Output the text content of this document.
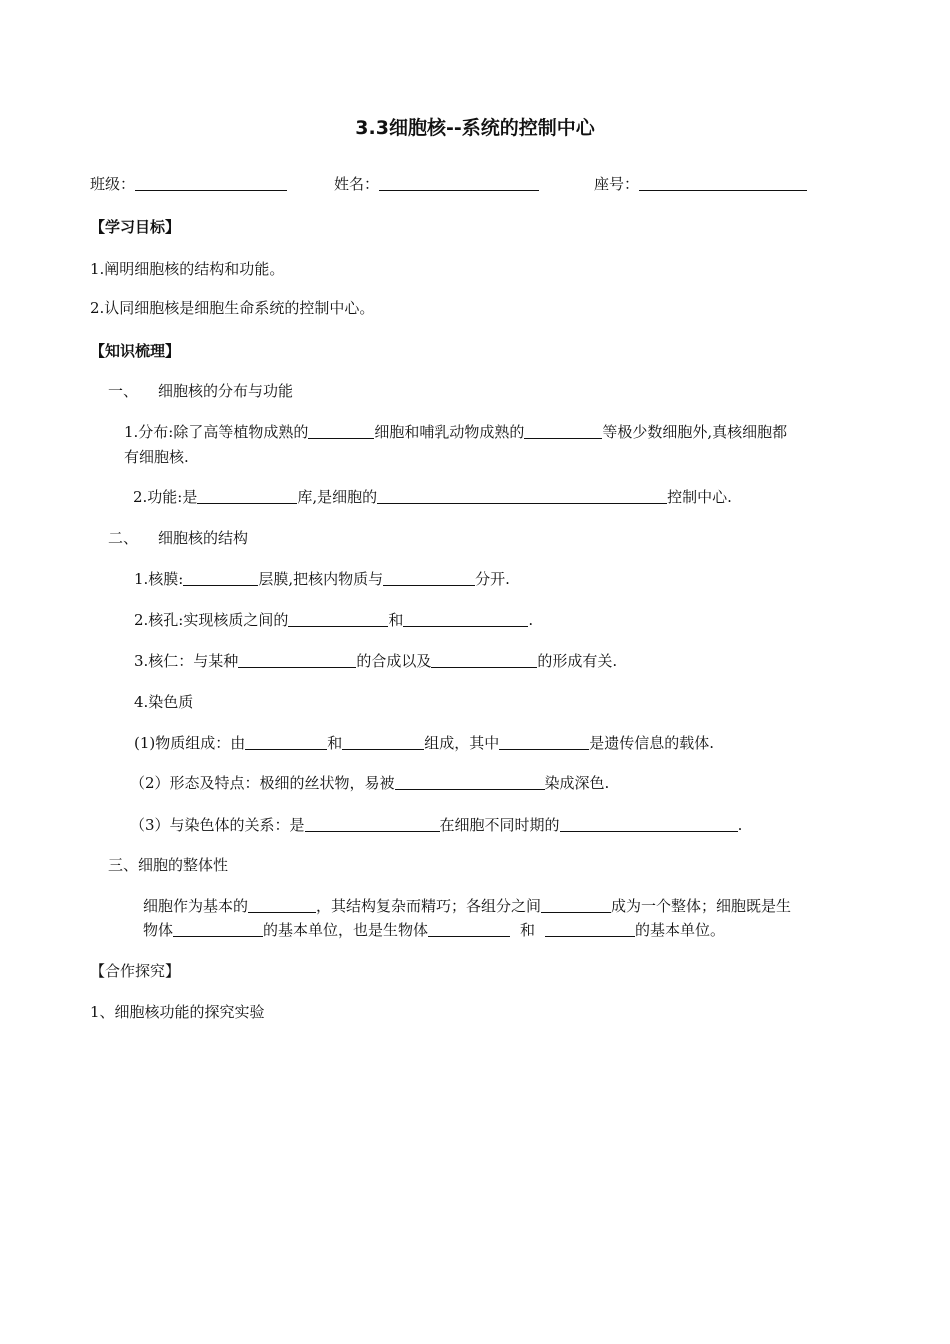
3.3细胞核--系统的控制中心
班级：	姓名：	座号：
【学习目标】
1.阐明细胞核的结构和功能。
2.认同细胞核是细胞生命系统的控制中心。
【知识梳理】
一、 细胞核的分布与功能
1.分布:除了高等植物成熟的	细胞和哺乳动物成熟的	等极少数细胞外,真核细胞都
有细胞核.
2.功能:是	库,是细胞的	控制中心.
二、 细胞核的结构
1.核膜:	层膜,把核内物质与	分开.
2.核孔:实现核质之间的	和	.
3.核仁：与某种	的合成以及	的形成有关.
4.染色质
(1)物质组成：由	和	组成，其中	是遗传信息的载体.
（2）形态及特点：极细的丝状物，易被	染成深色.
（3）与染色体的关系：是	在细胞不同时期的	.
三、细胞的整体性
细胞作为基本的	，其结构复杂而精巧；各组分之间	成为一个整体；细胞既是生
物体	的基本单位，也是生物体	和	的基本单位。
【合作探究】
1、细胞核功能的探究实验
